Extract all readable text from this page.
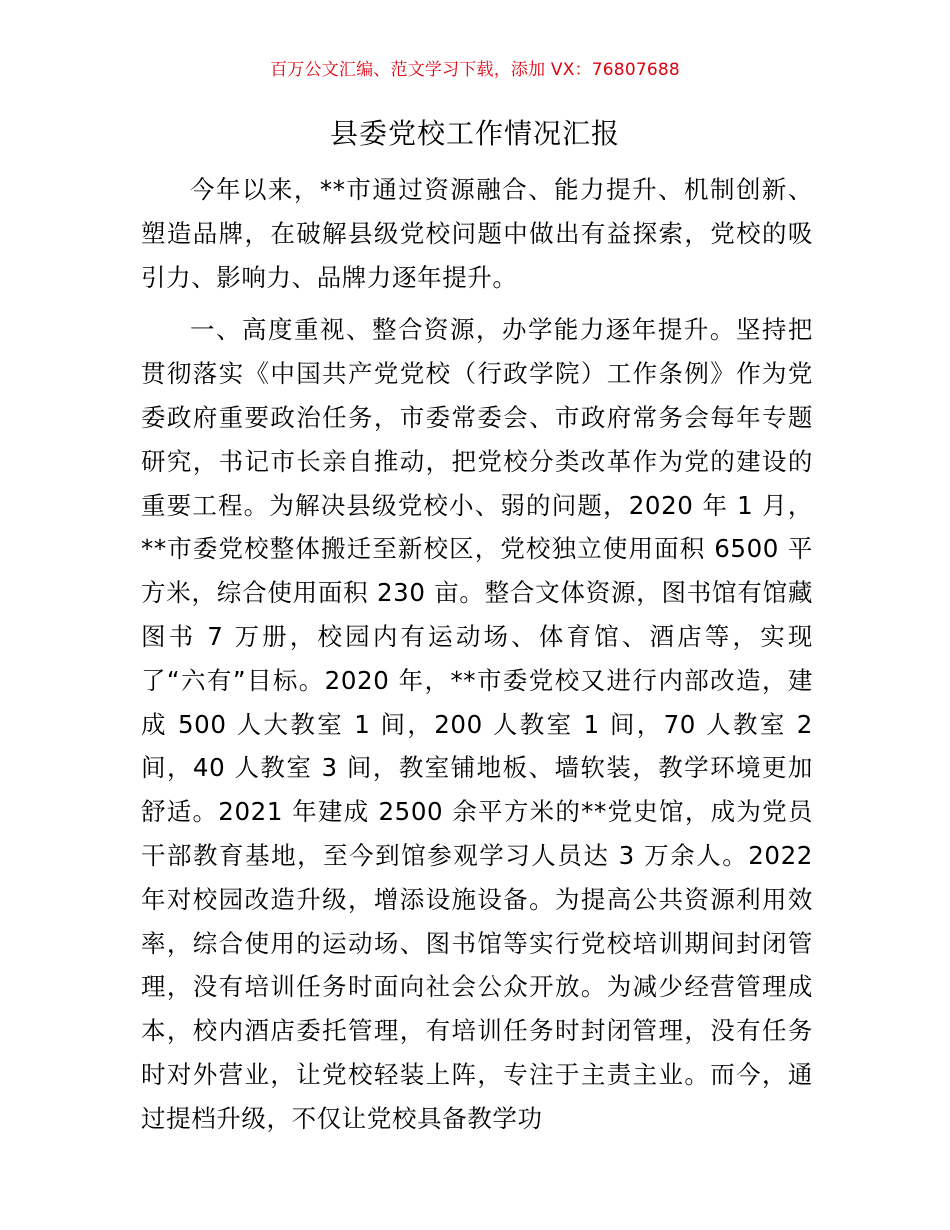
百万公文汇编、范文学习下载，添加 VX：76807688
县委党校工作情况汇报

今年以来，**市通过资源融合、能力提升、机制创新、塑造品牌，在破解县级党校问题中做出有益探索，党校的吸引力、影响力、品牌力逐年提升。

一、高度重视、整合资源，办学能力逐年提升。坚持把贯彻落实《中国共产党党校（行政学院）工作条例》作为党委政府重要政治任务，市委常委会、市政府常务会每年专题研究，书记市长亲自推动，把党校分类改革作为党的建设的重要工程。为解决县级党校小、弱的问题，2020 年 1 月，**市委党校整体搬迁至新校区，党校独立使用面积 6500 平方米，综合使用面积 230 亩。整合文体资源，图书馆有馆藏图书 7 万册，校园内有运动场、体育馆、酒店等，实现了“六有”目标。2020 年，**市委党校又进行内部改造，建成 500 人大教室 1 间，200 人教室 1 间，70 人教室 2 间，40 人教室 3 间，教室铺地板、墙软装，教学环境更加舒适。2021 年建成 2500 余平方米的**党史馆，成为党员干部教育基地，至今到馆参观学习人员达 3 万余人。2022 年对校园改造升级，增添设施设备。为提高公共资源利用效率，综合使用的运动场、图书馆等实行党校培训期间封闭管理，没有培训任务时面向社会公众开放。为减少经营管理成本，校内酒店委托管理，有培训任务时封闭管理，没有任务时对外营业，让党校轻装上阵，专注于主责主业。而今，通过提档升级，不仅让党校具备教学功
